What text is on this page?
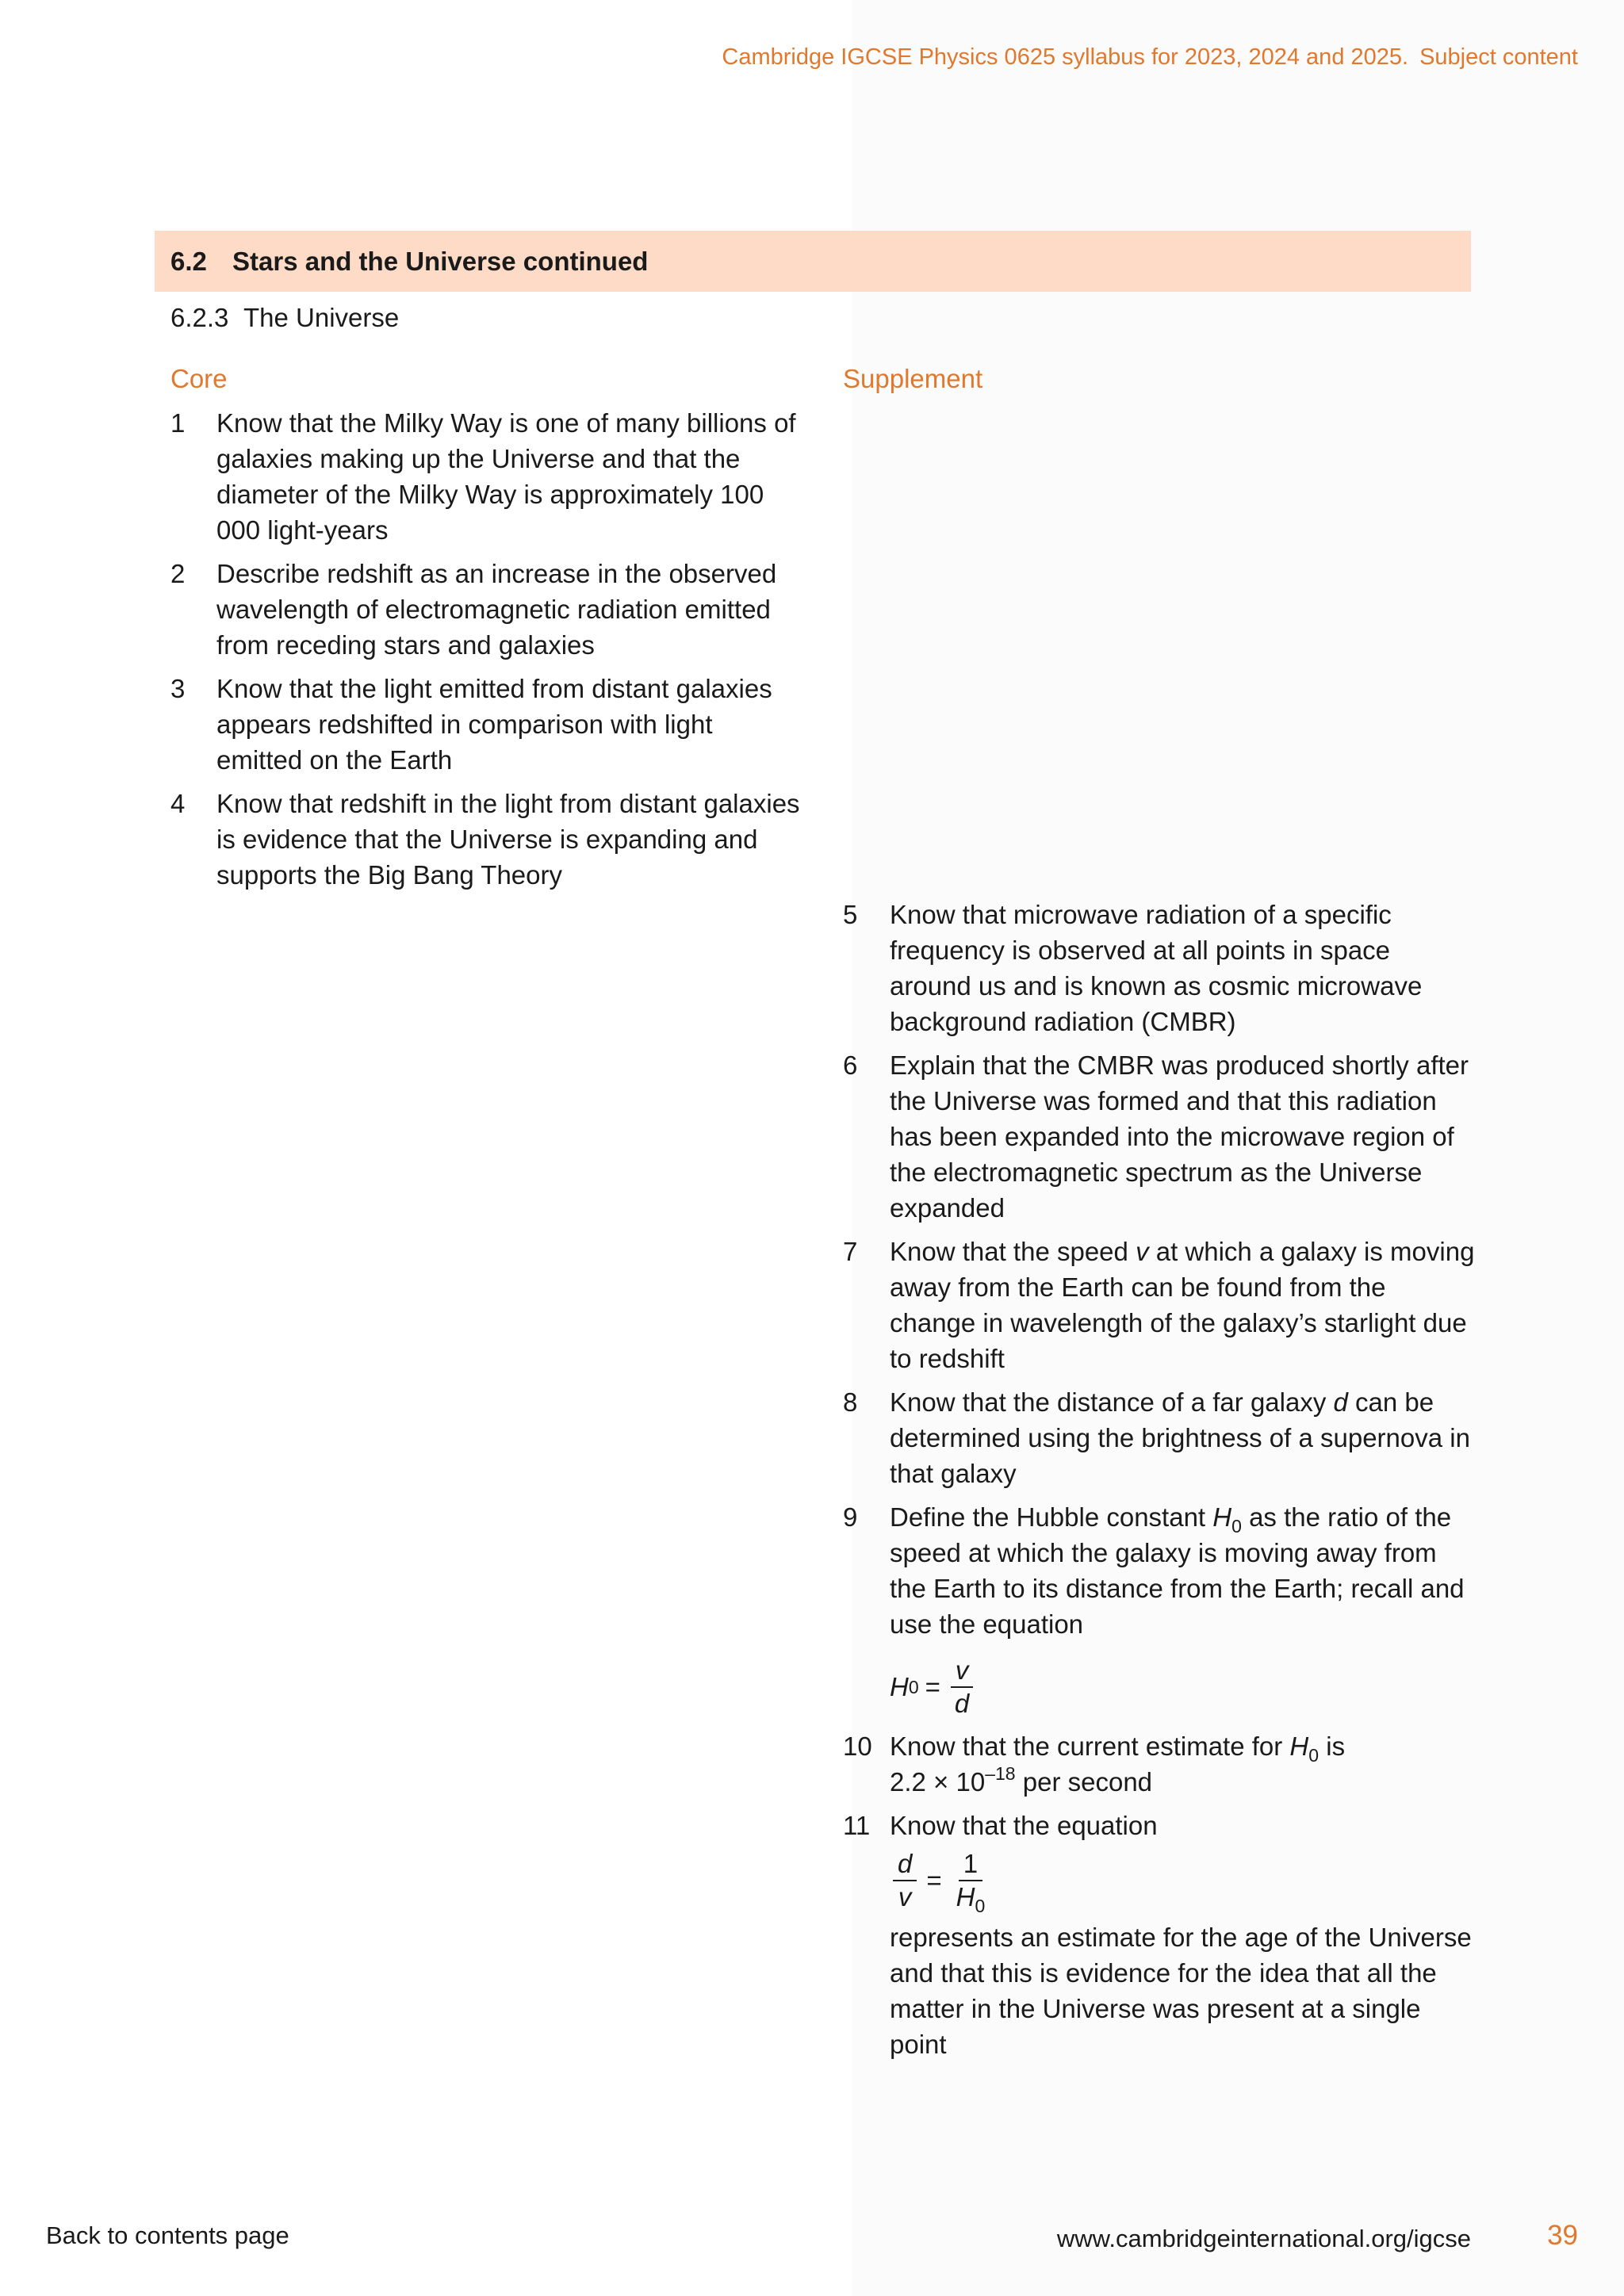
Cambridge IGCSE Physics 0625 syllabus for 2023, 2024 and 2025. Subject content
6.2 Stars and the Universe continued
6.2.3 The Universe
Core	Supplement
1 Know that the Milky Way is one of many billions of galaxies making up the Universe and that the diameter of the Milky Way is approximately 100 000 light-years
2 Describe redshift as an increase in the observed wavelength of electromagnetic radiation emitted from receding stars and galaxies
3 Know that the light emitted from distant galaxies appears redshifted in comparison with light emitted on the Earth
4 Know that redshift in the light from distant galaxies is evidence that the Universe is expanding and supports the Big Bang Theory
5 Know that microwave radiation of a specific frequency is observed at all points in space around us and is known as cosmic microwave background radiation (CMBR)
6 Explain that the CMBR was produced shortly after the Universe was formed and that this radiation has been expanded into the microwave region of the electromagnetic spectrum as the Universe expanded
7 Know that the speed v at which a galaxy is moving away from the Earth can be found from the change in wavelength of the galaxy’s starlight due to redshift
8 Know that the distance of a far galaxy d can be determined using the brightness of a supernova in that galaxy
9 Define the Hubble constant $H_0$ as the ratio of the speed at which the galaxy is moving away from the Earth to its distance from the Earth; recall and use the equation
H $0 = \frac{v}{d}$
10 Know that the current estimate for $H_0$ is
$2.2 \times 10^{-18}$ per second
11 Know that the equation
$\frac{d}{v} = \frac{1}{H_0}$
represents an estimate for the age of the Universe and that this is evidence for the idea that all the matter in the Universe was present at a single point
Back to contents page	www.cambridgeinternational.org/igcse	39
